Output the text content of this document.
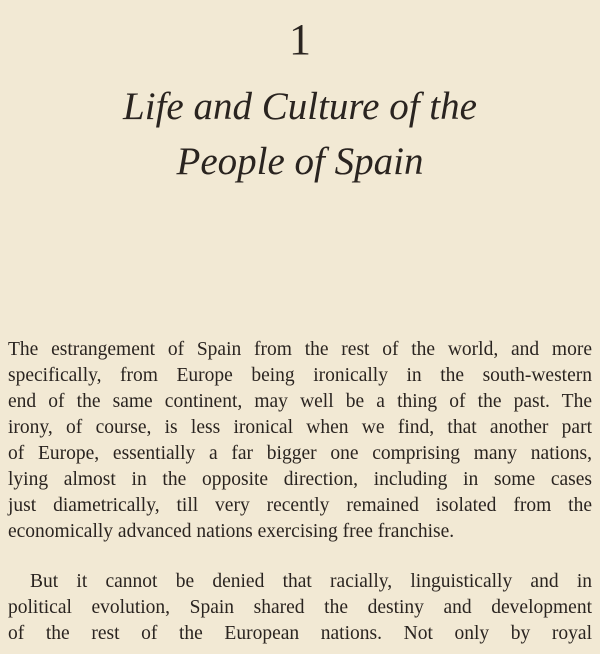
1
Life and Culture of the
People of Spain
The estrangement of Spain from the rest of the world, and more
specifically, from Europe being ironically in the south-western
end of the same continent, may well be a thing of the past. The
irony, of course, is less ironical when we find, that another part
of Europe, essentially a far bigger one comprising many nations,
lying almost in the opposite direction, including in some cases
just diametrically, till very recently remained isolated from the
economically advanced nations exercising free franchise.
But it cannot be denied that racially, linguistically and in
political evolution, Spain shared the destiny and development
of the rest of the European nations. Not only by royal
